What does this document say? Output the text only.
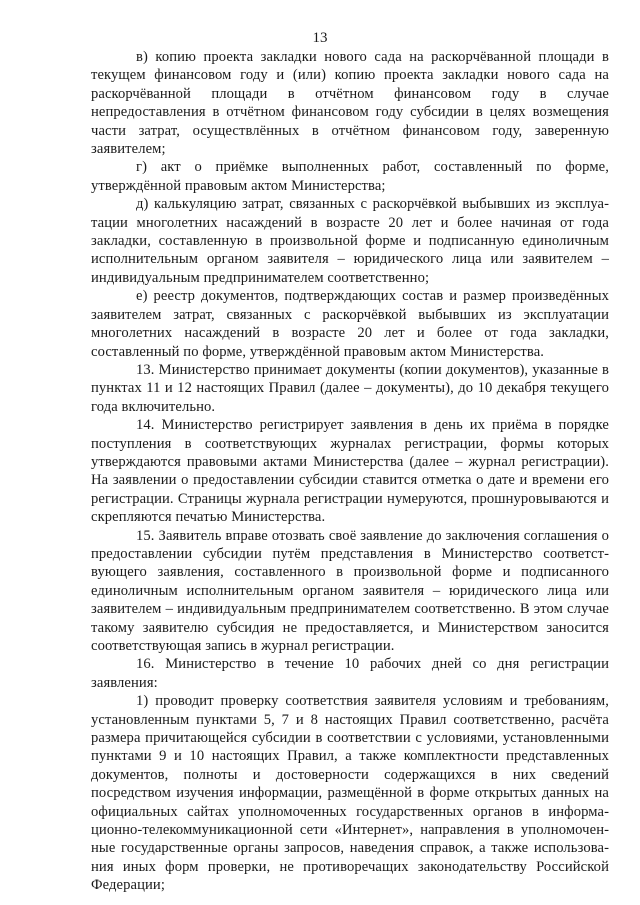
13

в) копию проекта закладки нового сада на раскорчёванной площади в текущем финансовом году и (или) копию проекта закладки нового сада на раскорчёванной площади в отчётном финансовом году в случае непредоставления в отчётном финансовом году субсидии в целях возмещения части затрат, осуществлённых в отчётном финансовом году, заверенную заявителем;

г) акт о приёмке выполненных работ, составленный по форме, утверждённой правовым актом Министерства;

д) калькуляцию затрат, связанных с раскорчёвкой выбывших из эксплуатации многолетних насаждений в возрасте 20 лет и более начиная от года закладки, составленную в произвольной форме и подписанную единоличным исполнительным органом заявителя – юридического лица или заявителем – индивидуальным предпринимателем соответственно;

е) реестр документов, подтверждающих состав и размер произведённых заявителем затрат, связанных с раскорчёвкой выбывших из эксплуатации многолетних насаждений в возрасте 20 лет и более от года закладки, составленный по форме, утверждённой правовым актом Министерства.

13. Министерство принимает документы (копии документов), указанные в пунктах 11 и 12 настоящих Правил (далее – документы), до 10 декабря текущего года включительно.

14. Министерство регистрирует заявления в день их приёма в порядке поступления в соответствующих журналах регистрации, формы которых утверждаются правовыми актами Министерства (далее – журнал регистрации). На заявлении о предоставлении субсидии ставится отметка о дате и времени его регистрации. Страницы журнала регистрации нумеруются, прошнуровываются и скрепляются печатью Министерства.

15. Заявитель вправе отозвать своё заявление до заключения соглашения о предоставлении субсидии путём представления в Министерство соответствующего заявления, составленного в произвольной форме и подписанного единоличным исполнительным органом заявителя – юридического лица или заявителем – индивидуальным предпринимателем соответственно. В этом случае такому заявителю субсидия не предоставляется, и Министерством заносится соответствующая запись в журнал регистрации.

16. Министерство в течение 10 рабочих дней со дня регистрации заявления:

1) проводит проверку соответствия заявителя условиям и требованиям, установленным пунктами 5, 7 и 8 настоящих Правил соответственно, расчёта размера причитающейся субсидии в соответствии с условиями, установленными пунктами 9 и 10 настоящих Правил, а также комплектности представленных документов, полноты и достоверности содержащихся в них сведений посредством изучения информации, размещённой в форме открытых данных на официальных сайтах уполномоченных государственных органов в информационно-телекоммуникационной сети «Интернет», направления в уполномоченные государственные органы запросов, наведения справок, а также использования иных форм проверки, не противоречащих законодательству Российской Федерации;
